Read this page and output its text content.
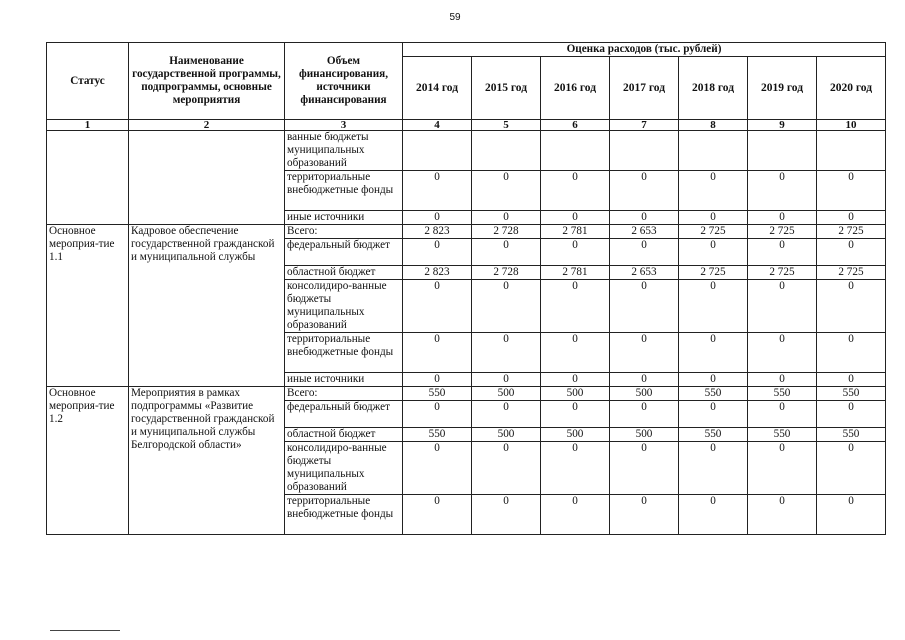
59
Статус	Наименование государственной программы, подпрограммы, основные мероприятия	Объем финансирования, источники финансирования	Оценка расходов (тыс. рублей)						
			2014 год	2015 год	2016 год	2017 год	2018 год	2019 год	2020 год
1	2	3	4	5	6	7	8	9	10
		ванные бюджеты муниципальных образований							
		территориальные внебюджетные фонды	0	0	0	0	0	0	0
		иные источники	0	0	0	0	0	0	0
Основное мероприя-тие 1.1	Кадровое обеспечение государственной гражданской и муниципальной службы	Всего:	2 823	2 728	2 781	2 653	2 725	2 725	2 725
		федеральный бюджет	0	0	0	0	0	0	0
		областной бюджет	2 823	2 728	2 781	2 653	2 725	2 725	2 725
		консолидиро-ванные бюджеты муниципальных образований	0	0	0	0	0	0	0
		территориальные внебюджетные фонды	0	0	0	0	0	0	0
		иные источники	0	0	0	0	0	0	0
Основное мероприя-тие 1.2	Мероприятия в рамках подпрограммы «Развитие государственной гражданской и муниципальной службы Белгородской области»	Всего:	550	500	500	500	550	550	550
		федеральный бюджет	0	0	0	0	0	0	0
		областной бюджет	550	500	500	500	550	550	550
		консолидиро-ванные бюджеты муниципальных образований	0	0	0	0	0	0	0
		территориальные внебюджетные фонды	0	0	0	0	0	0	0
